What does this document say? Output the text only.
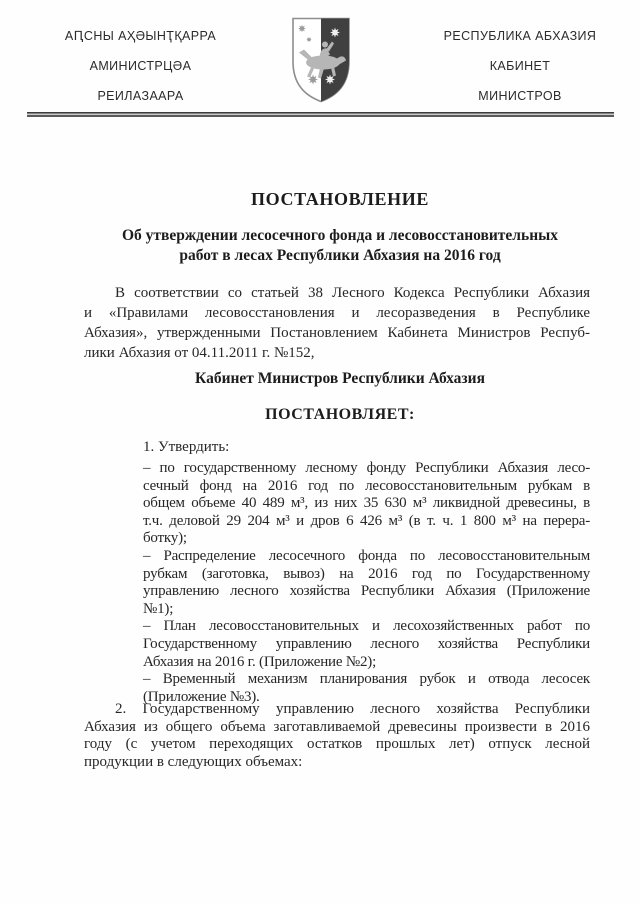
АԤСНЫ АҲӘЫНҬҚАРРА
АМИНИСТРЦӘА
РЕИЛАЗААРА
РЕСПУБЛИКА АБХАЗИЯ
КАБИНЕТ
МИНИСТРОВ
ПОСТАНОВЛЕНИЕ
Об утверждении лесосечного фонда и лесовосстановительных
работ в лесах Республики Абхазия на 2016 год
В соответствии со статьей 38 Лесного Кодекса Республики Абхазия
и «Правилами лесовосстановления и лесоразведения в Республике
Абхазия», утвержденными Постановлением Кабинета Министров Респуб-
лики Абхазия от 04.11.2011 г. №152,
Кабинет Министров Республики Абхазия
ПОСТАНОВЛЯЕТ:
1. Утвердить:
– по государственному лесному фонду Республики Абхазия лесо-
сечный фонд на 2016 год по лесовосстановительным рубкам в
общем объеме 40 489 м³, из них 35 630 м³ ликвидной древесины, в
т.ч. деловой 29 204 м³ и дров 6 426 м³ (в т. ч. 1 800 м³ на перера-
ботку);
– Распределение лесосечного фонда по лесовосстановительным
рубкам (заготовка, вывоз) на 2016 год по Государственному
управлению лесного хозяйства Республики Абхазия (Приложение
№1);
– План лесовосстановительных и лесохозяйственных работ по
Государственному управлению лесного хозяйства Республики
Абхазия на 2016 г. (Приложение №2);
– Временный механизм планирования рубок и отвода лесосек
(Приложение №3).
2. Государственному управлению лесного хозяйства Республики
Абхазия из общего объема заготавливаемой древесины произвести в 2016
году (с учетом переходящих остатков прошлых лет) отпуск лесной
продукции в следующих объемах:
